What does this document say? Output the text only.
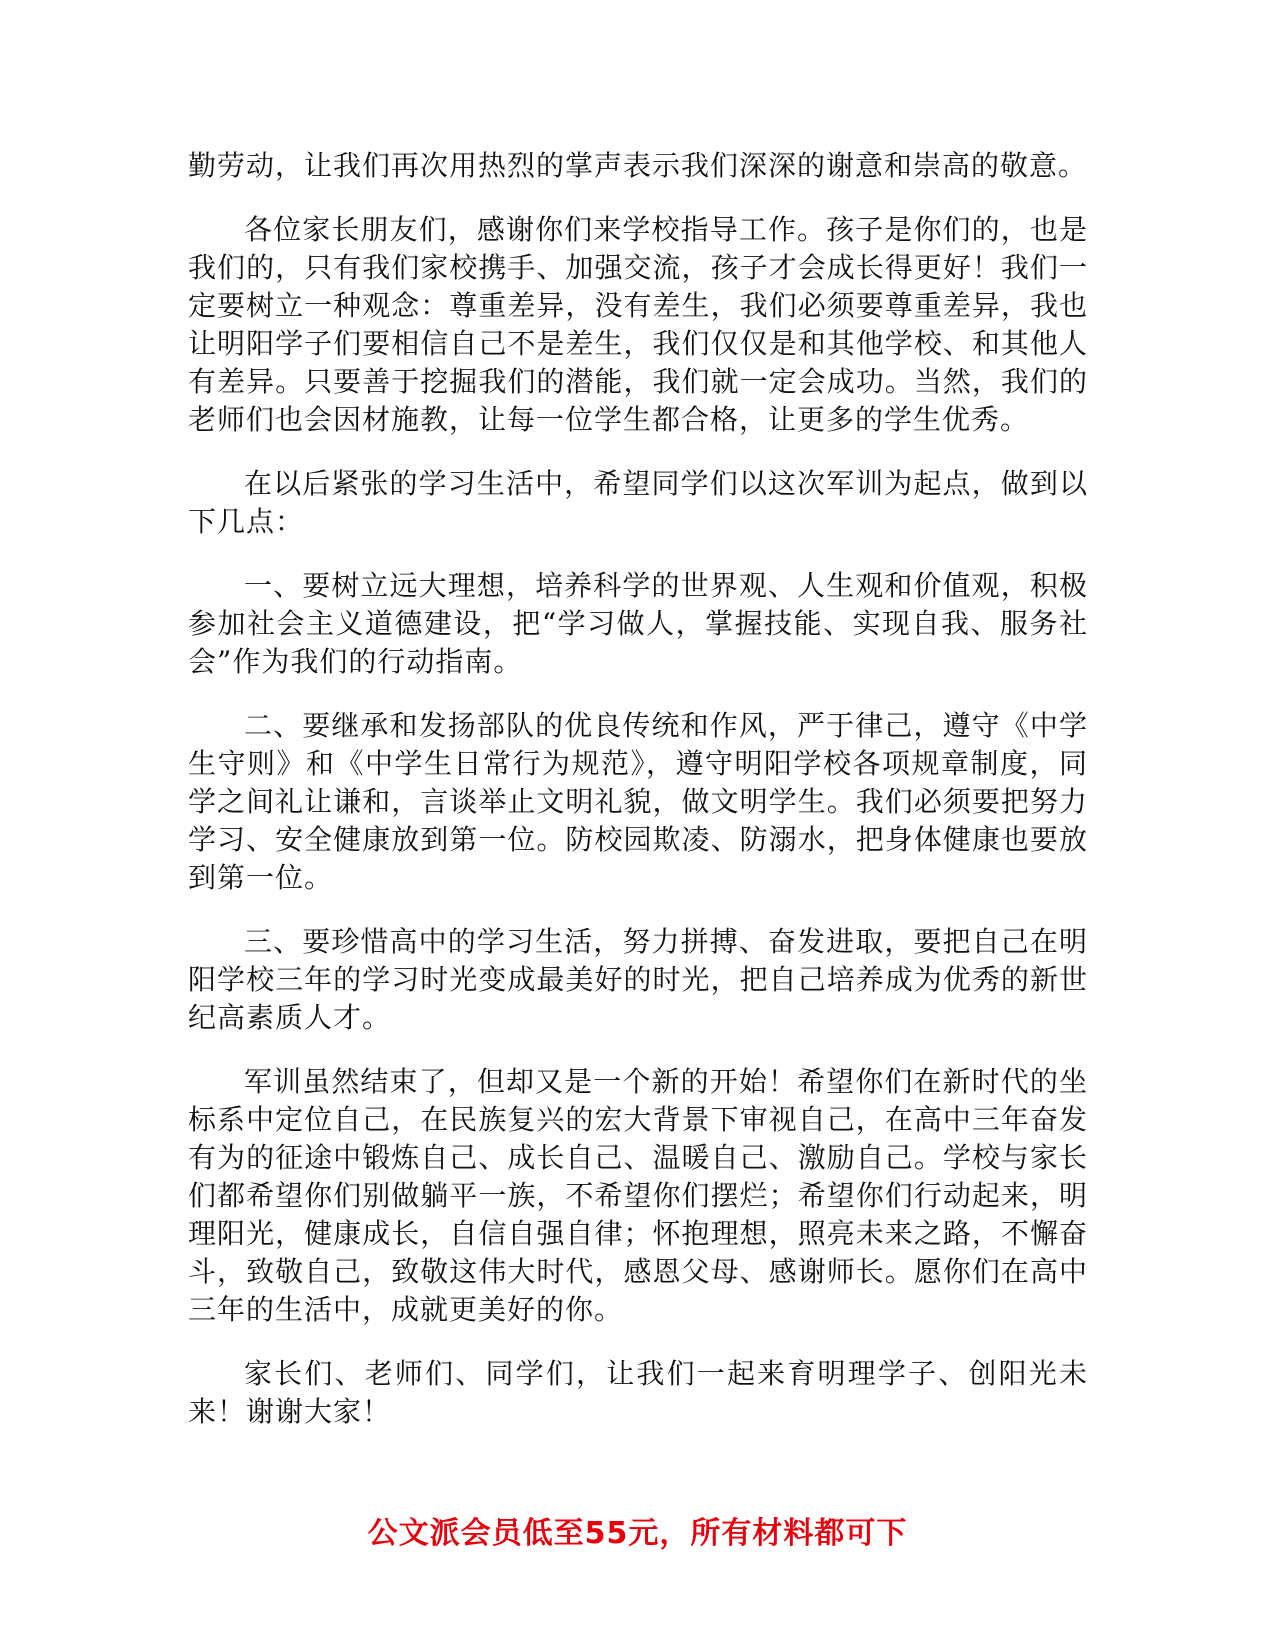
勤劳动，让我们再次用热烈的掌声表示我们深深的谢意和崇高的敬意。

各位家长朋友们，感谢你们来学校指导工作。孩子是你们的，也是我们的，只有我们家校携手、加强交流，孩子才会成长得更好！我们一定要树立一种观念：尊重差异，没有差生，我们必须要尊重差异，我也让明阳学子们要相信自己不是差生，我们仅仅是和其他学校、和其他人有差异。只要善于挖掘我们的潜能，我们就一定会成功。当然，我们的老师们也会因材施教，让每一位学生都合格，让更多的学生优秀。

在以后紧张的学习生活中，希望同学们以这次军训为起点，做到以下几点：

一、要树立远大理想，培养科学的世界观、人生观和价值观，积极参加社会主义道德建设，把“学习做人，掌握技能、实现自我、服务社会”作为我们的行动指南。

二、要继承和发扬部队的优良传统和作风，严于律己，遵守《中学生守则》和《中学生日常行为规范》，遵守明阳学校各项规章制度，同学之间礼让谦和，言谈举止文明礼貌，做文明学生。我们必须要把努力学习、安全健康放到第一位。防校园欺凌、防溺水，把身体健康也要放到第一位。

三、要珍惜高中的学习生活，努力拼搏、奋发进取，要把自己在明阳学校三年的学习时光变成最美好的时光，把自己培养成为优秀的新世纪高素质人才。

军训虽然结束了，但却又是一个新的开始！希望你们在新时代的坐标系中定位自己，在民族复兴的宏大背景下审视自己，在高中三年奋发有为的征途中锻炼自己、成长自己、温暖自己、激励自己。学校与家长们都希望你们别做躺平一族，不希望你们摆烂；希望你们行动起来，明理阳光，健康成长，自信自强自律；怀抱理想，照亮未来之路，不懈奋斗，致敬自己，致敬这伟大时代，感恩父母、感谢师长。愿你们在高中三年的生活中，成就更美好的你。

家长们、老师们、同学们，让我们一起来育明理学子、创阳光未来！谢谢大家！

公文派会员低至55元，所有材料都可下
